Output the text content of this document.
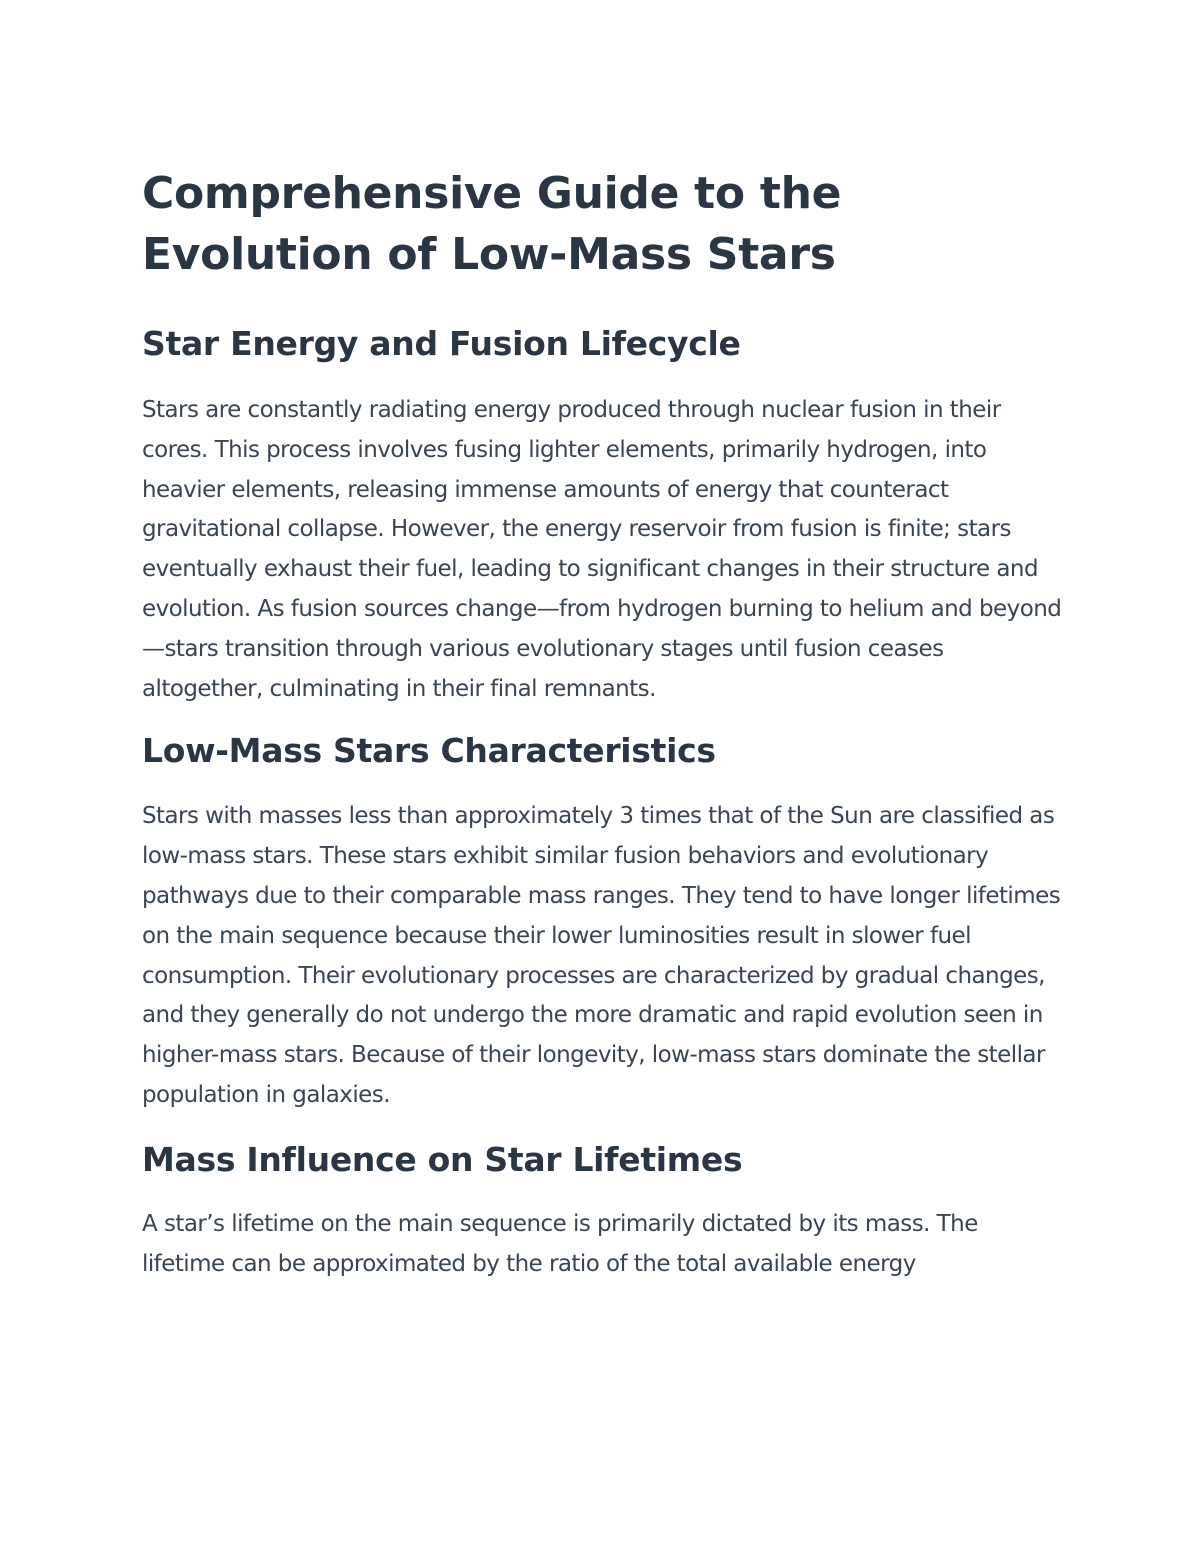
Comprehensive Guide to the Evolution of Low-Mass Stars
Star Energy and Fusion Lifecycle

Stars are constantly radiating energy produced through nuclear fusion in their cores. This process involves fusing lighter elements, primarily hydrogen, into heavier elements, releasing immense amounts of energy that counteract gravitational collapse. However, the energy reservoir from fusion is finite; stars eventually exhaust their fuel, leading to significant changes in their structure and evolution. As fusion sources change—from hydrogen burning to helium and beyond—stars transition through various evolutionary stages until fusion ceases altogether, culminating in their final remnants.

Low-Mass Stars Characteristics

Stars with masses less than approximately 3 times that of the Sun are classified as low-mass stars. These stars exhibit similar fusion behaviors and evolutionary pathways due to their comparable mass ranges. They tend to have longer lifetimes on the main sequence because their lower luminosities result in slower fuel consumption. Their evolutionary processes are characterized by gradual changes, and they generally do not undergo the more dramatic and rapid evolution seen in higher-mass stars. Because of their longevity, low-mass stars dominate the stellar population in galaxies.

Mass Influence on Star Lifetimes

A star’s lifetime on the main sequence is primarily dictated by its mass. The lifetime can be approximated by the ratio of the total available energy
